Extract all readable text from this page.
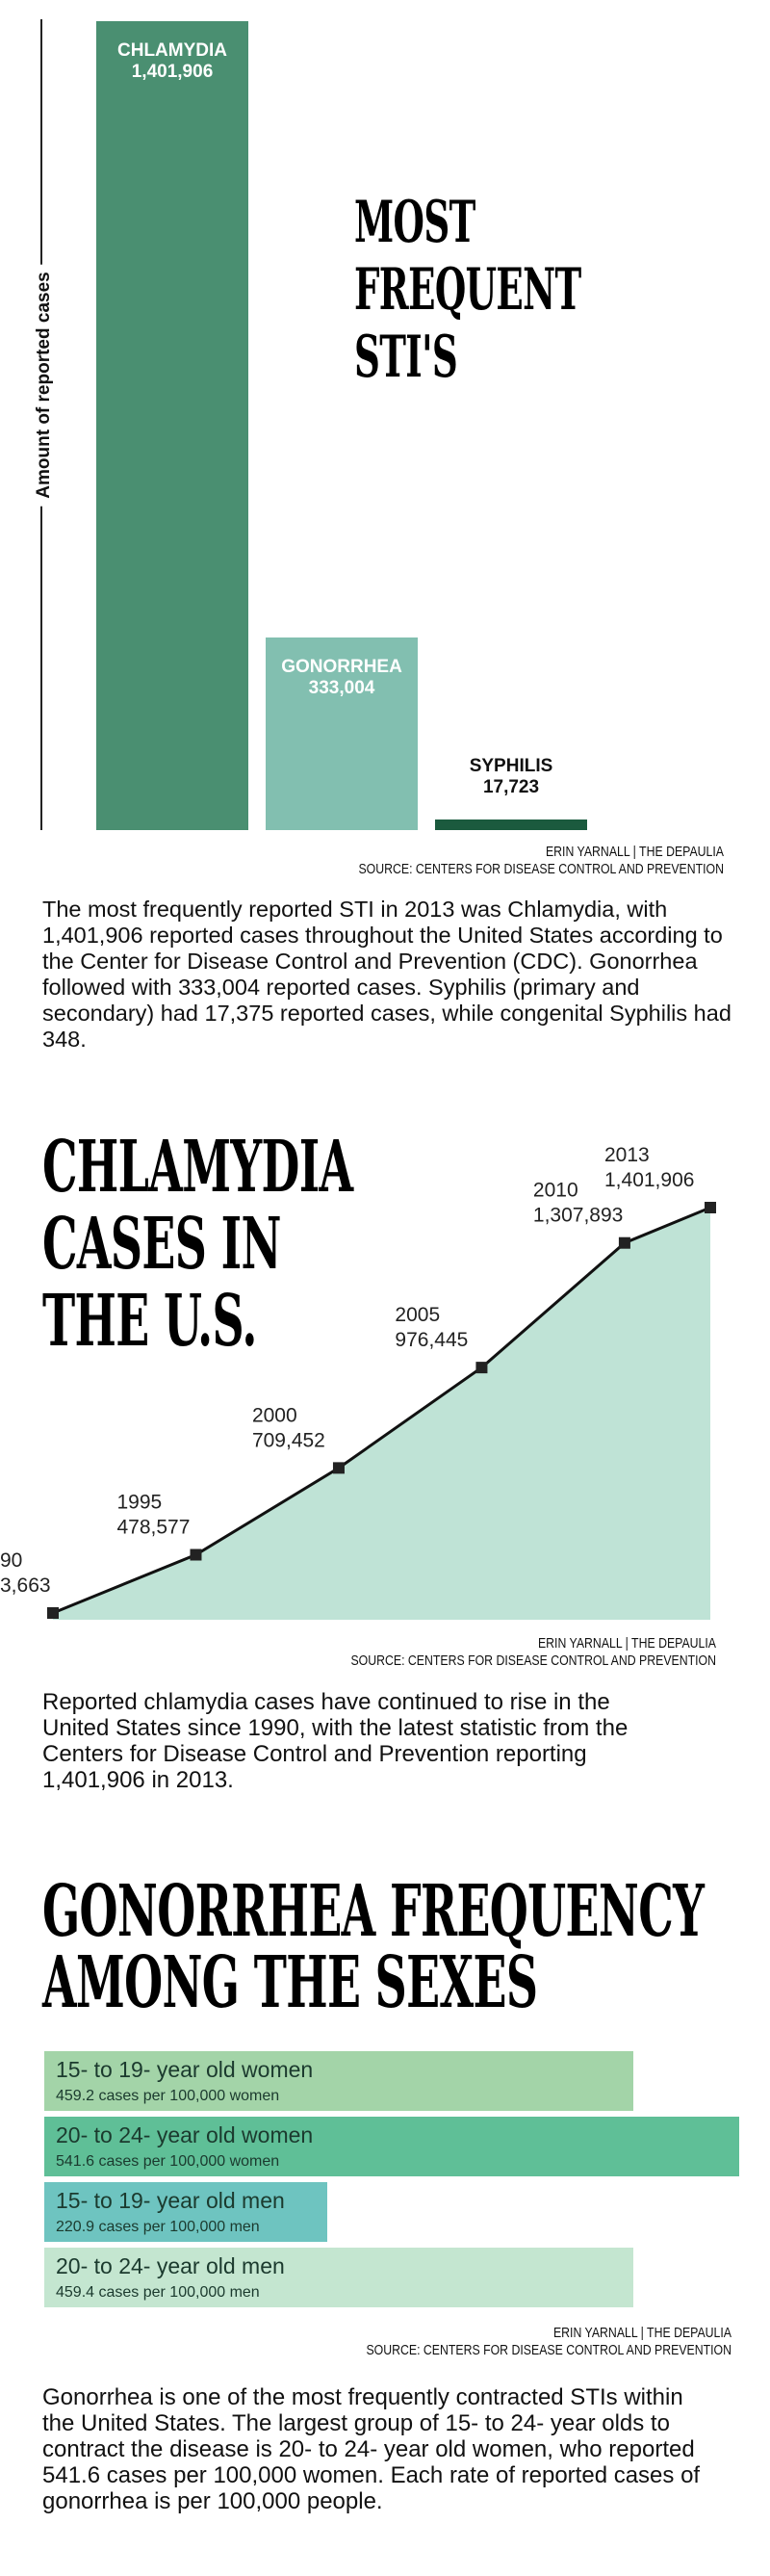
Amount of reported cases
MOST
FREQUENT
STI'S
CHLAMYDIA
1,401,906
GONORRHEA
333,004
SYPHILIS
17,723
ERIN YARNALL | THE DEPAULIA
SOURCE: CENTERS FOR DISEASE CONTROL AND PREVENTION
The most frequently reported STI in 2013 was Chlamydia, with 1,401,906 reported cases throughout the United States according to the Center for Disease Control and Prevention (CDC). Gonorrhea followed with 333,004 reported cases. Syphilis (primary and secondary) had 17,375 reported cases, while congenital Syphilis had 348.
CHLAMYDIA
CASES IN
THE U.S.
90
3,663
1995
478,577
2000
709,452
2005
976,445
2010
1,307,893
2013
1,401,906
ERIN YARNALL | THE DEPAULIA
SOURCE: CENTERS FOR DISEASE CONTROL AND PREVENTION
Reported chlamydia cases have continued to rise in the United States since 1990, with the latest statistic from the Centers for Disease Control and Prevention reporting 1,401,906 in 2013.
GONORRHEA FREQUENCY
AMONG THE SEXES
15- to 19- year old women
459.2 cases per 100,000 women
20- to 24- year old women
541.6 cases per 100,000 women
15- to 19- year old men
220.9 cases per 100,000 men
20- to 24- year old men
459.4 cases per 100,000 men
ERIN YARNALL | THE DEPAULIA
SOURCE: CENTERS FOR DISEASE CONTROL AND PREVENTION
Gonorrhea is one of the most frequently contracted STIs within the United States. The largest group of 15- to 24- year olds to contract the disease is 20- to 24- year old women, who reported 541.6 cases per 100,000 women. Each rate of reported cases of gonorrhea is per 100,000 people.
